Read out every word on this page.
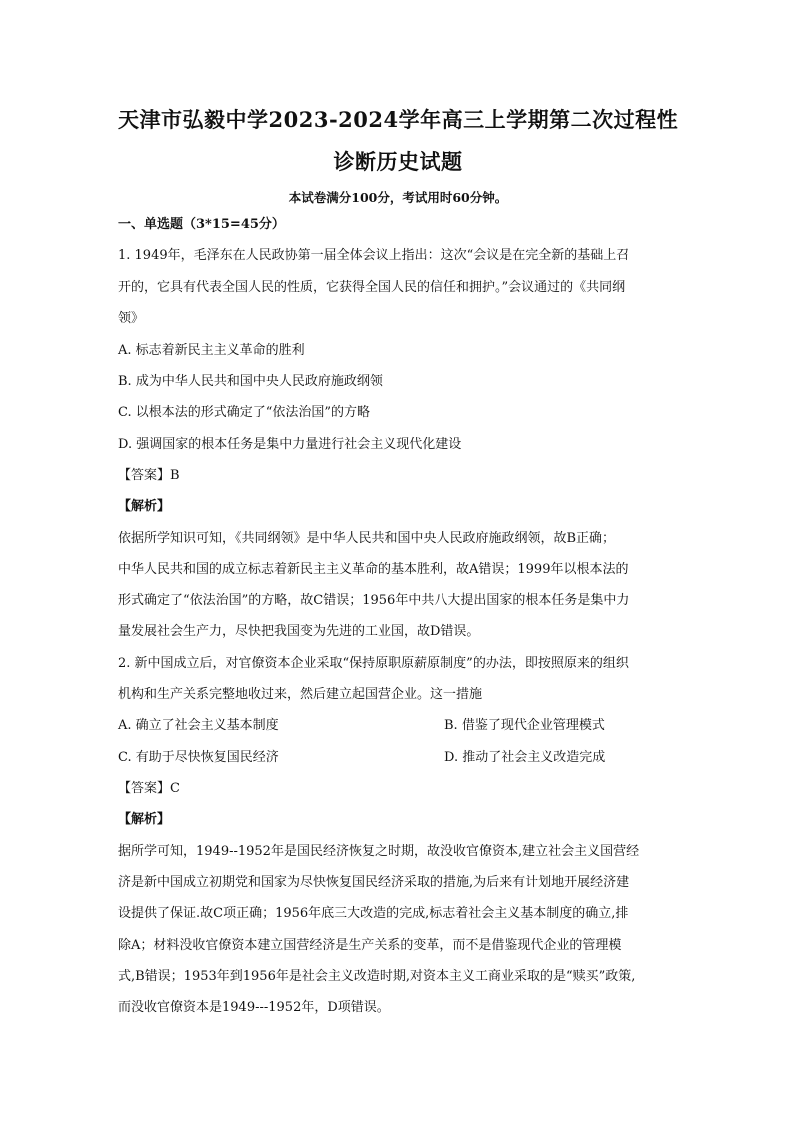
天津市弘毅中学2023-2024学年高三上学期第二次过程性
诊断历史试题
本试卷满分100分，考试用时60分钟。
一、单选题（3*15=45分）
1. 1949年，毛泽东在人民政协第一届全体会议上指出：这次“会议是在完全新的基础上召
开的，它具有代表全国人民的性质，它获得全国人民的信任和拥护。”会议通过的《共同纲
领》
A. 标志着新民主主义革命的胜利
B. 成为中华人民共和国中央人民政府施政纲领
C. 以根本法的形式确定了“依法治国”的方略
D. 强调国家的根本任务是集中力量进行社会主义现代化建设
【答案】B
【解析】
依据所学知识可知，《共同纲领》是中华人民共和国中央人民政府施政纲领，故B正确；
中华人民共和国的成立标志着新民主主义革命的基本胜利，故A错误；1999年以根本法的
形式确定了“依法治国”的方略，故C错误；1956年中共八大提出国家的根本任务是集中力
量发展社会生产力，尽快把我国变为先进的工业国，故D错误。
2. 新中国成立后，对官僚资本企业采取“保持原职原薪原制度”的办法，即按照原来的组织
机构和生产关系完整地收过来，然后建立起国营企业。这一措施
A. 确立了社会主义基本制度	B. 借鉴了现代企业管理模式
C. 有助于尽快恢复国民经济	D. 推动了社会主义改造完成
【答案】C
【解析】
据所学可知，1949--1952年是国民经济恢复之时期，故没收官僚资本,建立社会主义国营经
济是新中国成立初期党和国家为尽快恢复国民经济采取的措施,为后来有计划地开展经济建
设提供了保证.故C项正确；1956年底三大改造的完成,标志着社会主义基本制度的确立,排
除A；材料没收官僚资本建立国营经济是生产关系的变革，而不是借鉴现代企业的管理模
式,B错误；1953年到1956年是社会主义改造时期,对资本主义工商业采取的是“赎买”政策,
而没收官僚资本是1949---1952年，D项错误。
